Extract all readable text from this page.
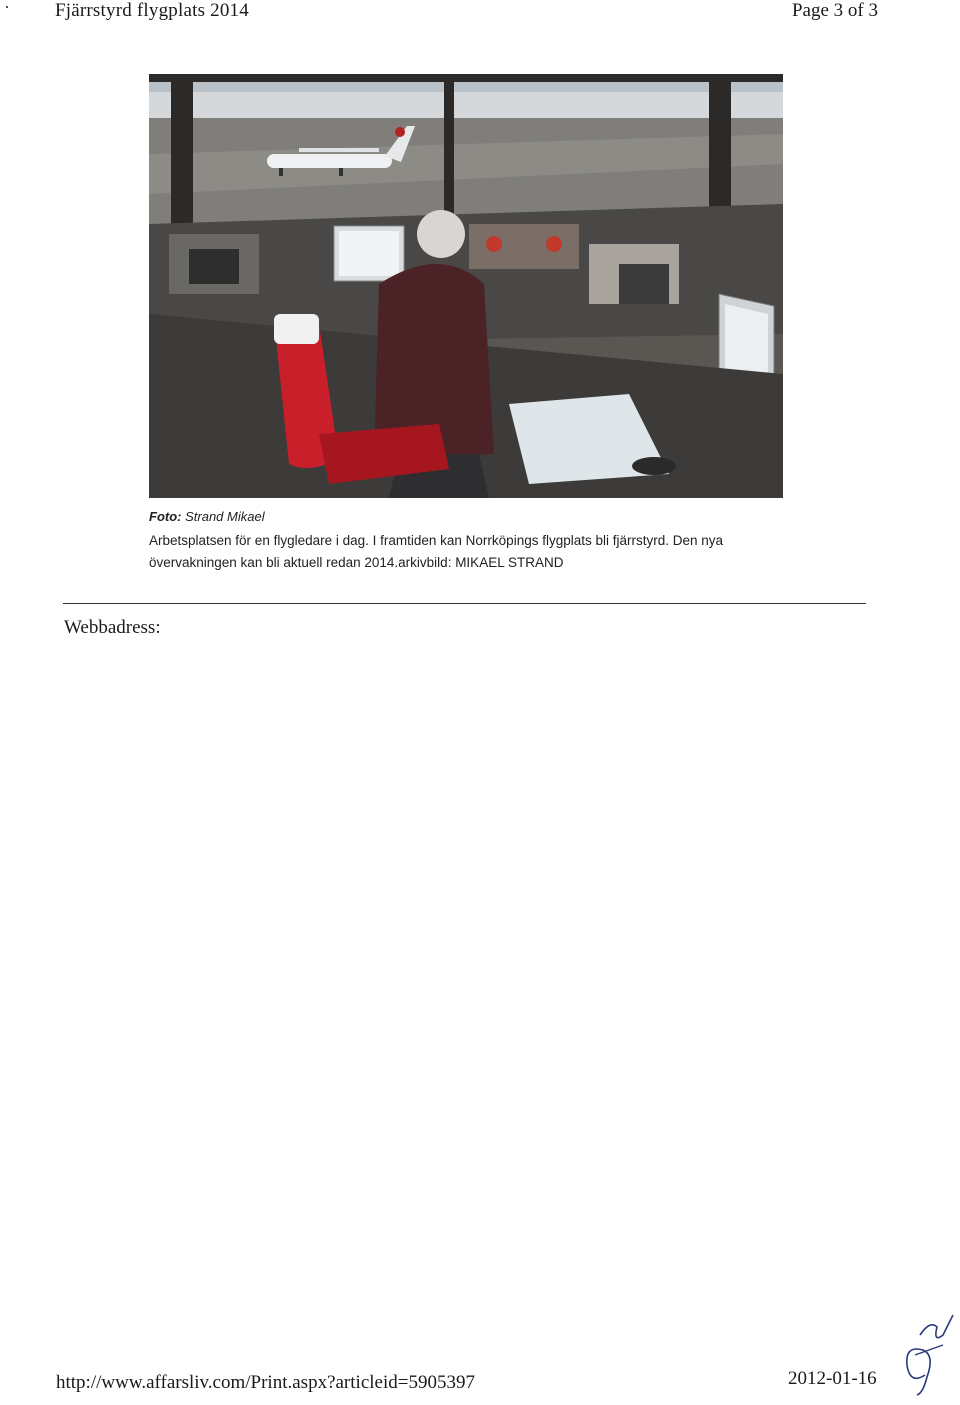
Fjärrstyrd flygplats 2014	Page 3 of 3
Foto: Strand Mikael
Arbetsplatsen för en flygledare i dag. I framtiden kan Norrköpings flygplats bli fjärrstyrd. Den nya
övervakningen kan bli aktuell redan 2014.arkivbild: MIKAEL STRAND
Webbadress:
http://www.affarsliv.com/Print.aspx?articleid=5905397	2012-01-16
